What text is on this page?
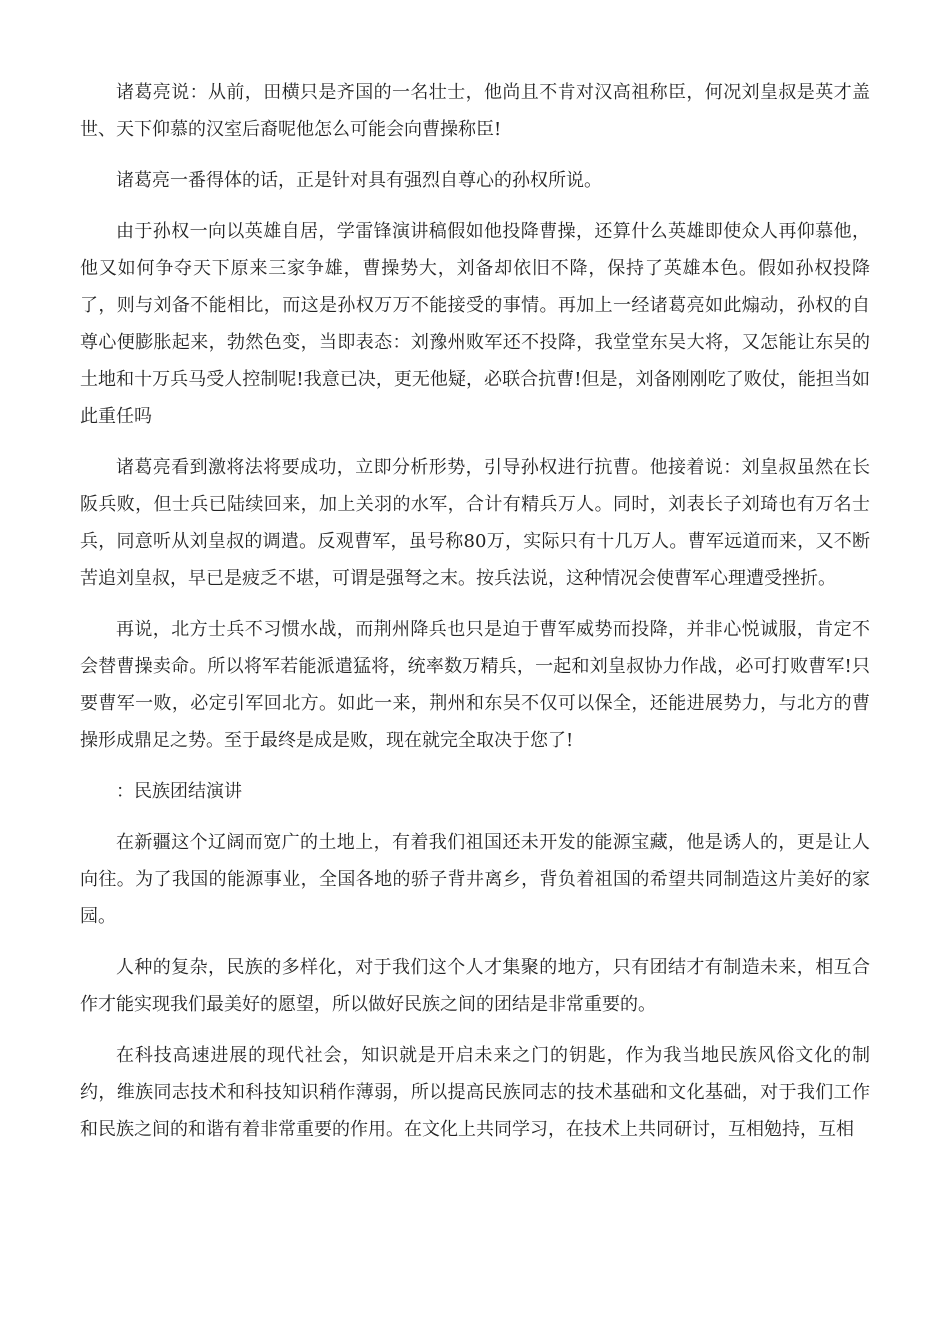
诸葛亮说：从前，田横只是齐国的一名壮士，他尚且不肯对汉高祖称臣，何况刘皇叔是英才盖世、天下仰慕的汉室后裔呢他怎么可能会向曹操称臣!

诸葛亮一番得体的话，正是针对具有强烈自尊心的孙权所说。

由于孙权一向以英雄自居，学雷锋演讲稿假如他投降曹操，还算什么英雄即使众人再仰慕他，他又如何争夺天下原来三家争雄，曹操势大，刘备却依旧不降，保持了英雄本色。假如孙权投降了，则与刘备不能相比，而这是孙权万万不能接受的事情。再加上一经诸葛亮如此煽动，孙权的自尊心便膨胀起来，勃然色变，当即表态：刘豫州败军还不投降，我堂堂东吴大将，又怎能让东吴的土地和十万兵马受人控制呢!我意已决，更无他疑，必联合抗曹!但是，刘备刚刚吃了败仗，能担当如此重任吗

诸葛亮看到激将法将要成功，立即分析形势，引导孙权进行抗曹。他接着说：刘皇叔虽然在长阪兵败，但士兵已陆续回来，加上关羽的水军，合计有精兵万人。同时，刘表长子刘琦也有万名士兵，同意听从刘皇叔的调遣。反观曹军，虽号称80万，实际只有十几万人。曹军远道而来，又不断苦追刘皇叔，早已是疲乏不堪，可谓是强弩之末。按兵法说，这种情况会使曹军心理遭受挫折。

再说，北方士兵不习惯水战，而荆州降兵也只是迫于曹军威势而投降，并非心悦诚服，肯定不会替曹操卖命。所以将军若能派遣猛将，统率数万精兵，一起和刘皇叔协力作战，必可打败曹军!只要曹军一败，必定引军回北方。如此一来，荆州和东吴不仅可以保全，还能进展势力，与北方的曹操形成鼎足之势。至于最终是成是败，现在就完全取决于您了!

：民族团结演讲

在新疆这个辽阔而宽广的土地上，有着我们祖国还未开发的能源宝藏，他是诱人的，更是让人向往。为了我国的能源事业，全国各地的骄子背井离乡，背负着祖国的希望共同制造这片美好的家园。

人种的复杂，民族的多样化，对于我们这个人才集聚的地方，只有团结才有制造未来，相互合作才能实现我们最美好的愿望，所以做好民族之间的团结是非常重要的。

在科技高速进展的现代社会，知识就是开启未来之门的钥匙，作为我当地民族风俗文化的制约，维族同志技术和科技知识稍作薄弱，所以提高民族同志的技术基础和文化基础，对于我们工作和民族之间的和谐有着非常重要的作用。在文化上共同学习，在技术上共同研讨，互相勉持，互相
